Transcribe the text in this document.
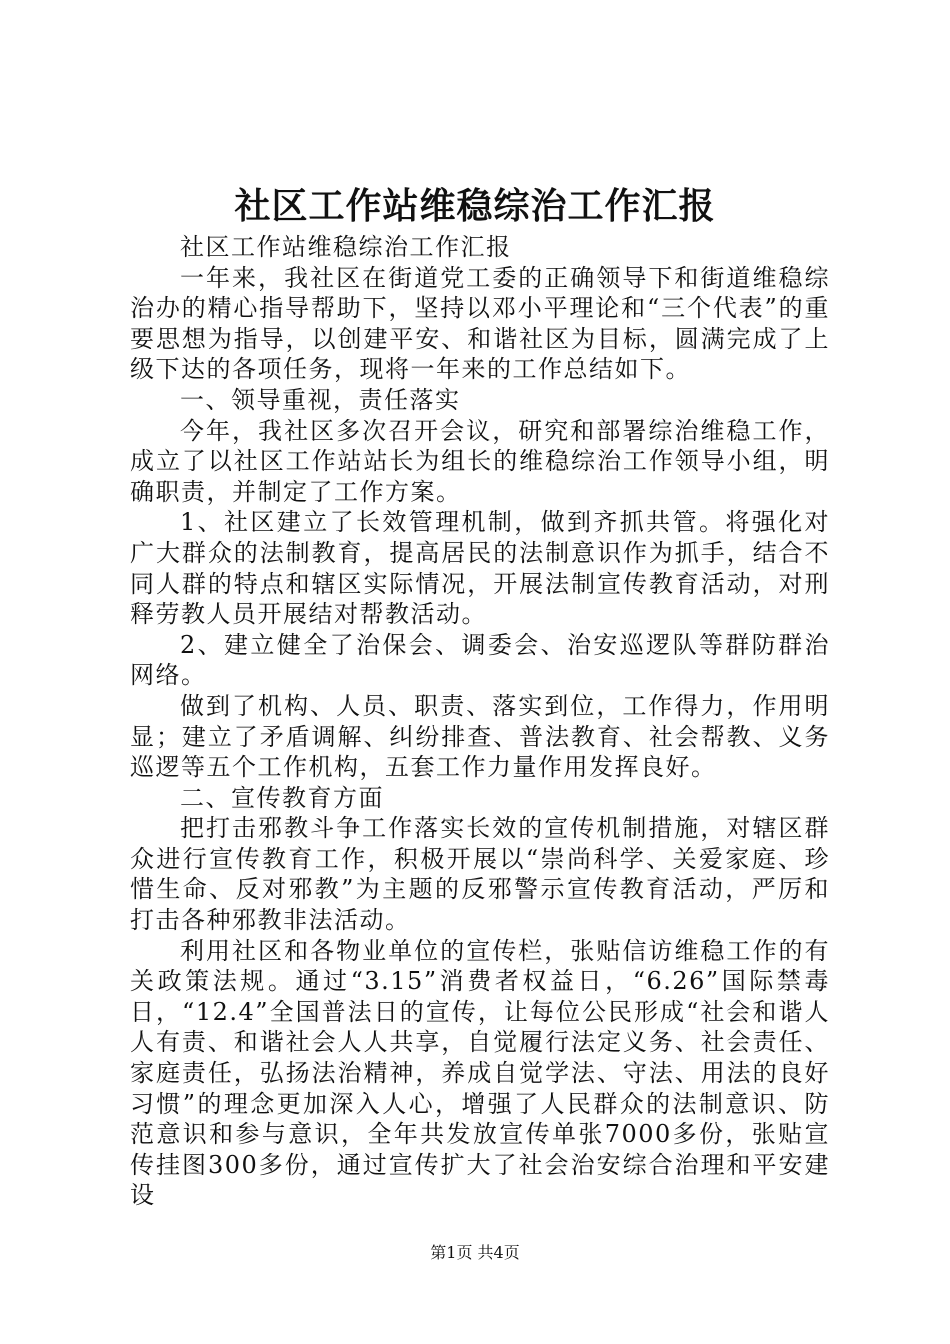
社区工作站维稳综治工作汇报

社区工作站维稳综治工作汇报

一年来，我社区在街道党工委的正确领导下和街道维稳综治办的精心指导帮助下，坚持以邓小平理论和“三个代表”的重要思想为指导，以创建平安、和谐社区为目标，圆满完成了上级下达的各项任务，现将一年来的工作总结如下。

一、领导重视，责任落实

今年，我社区多次召开会议，研究和部署综治维稳工作，成立了以社区工作站站长为组长的维稳综治工作领导小组，明确职责，并制定了工作方案。

1、社区建立了长效管理机制，做到齐抓共管。将强化对广大群众的法制教育，提高居民的法制意识作为抓手，结合不同人群的特点和辖区实际情况，开展法制宣传教育活动，对刑释劳教人员开展结对帮教活动。

2、建立健全了治保会、调委会、治安巡逻队等群防群治网络。

做到了机构、人员、职责、落实到位，工作得力，作用明显；建立了矛盾调解、纠纷排查、普法教育、社会帮教、义务巡逻等五个工作机构，五套工作力量作用发挥良好。

二、宣传教育方面

把打击邪教斗争工作落实长效的宣传机制措施，对辖区群众进行宣传教育工作，积极开展以“崇尚科学、关爱家庭、珍惜生命、反对邪教”为主题的反邪警示宣传教育活动，严厉和打击各种邪教非法活动。

利用社区和各物业单位的宣传栏，张贴信访维稳工作的有关政策法规。通过“3.15”消费者权益日，“6.26”国际禁毒日，“12.4”全国普法日的宣传，让每位公民形成“社会和谐人人有责、和谐社会人人共享，自觉履行法定义务、社会责任、家庭责任，弘扬法治精神，养成自觉学法、守法、用法的良好习惯”的理念更加深入人心，增强了人民群众的法制意识、防范意识和参与意识，全年共发放宣传单张7000多份，张贴宣传挂图300多份，通过宣传扩大了社会治安综合治理和平安建设

第1页 共4页
